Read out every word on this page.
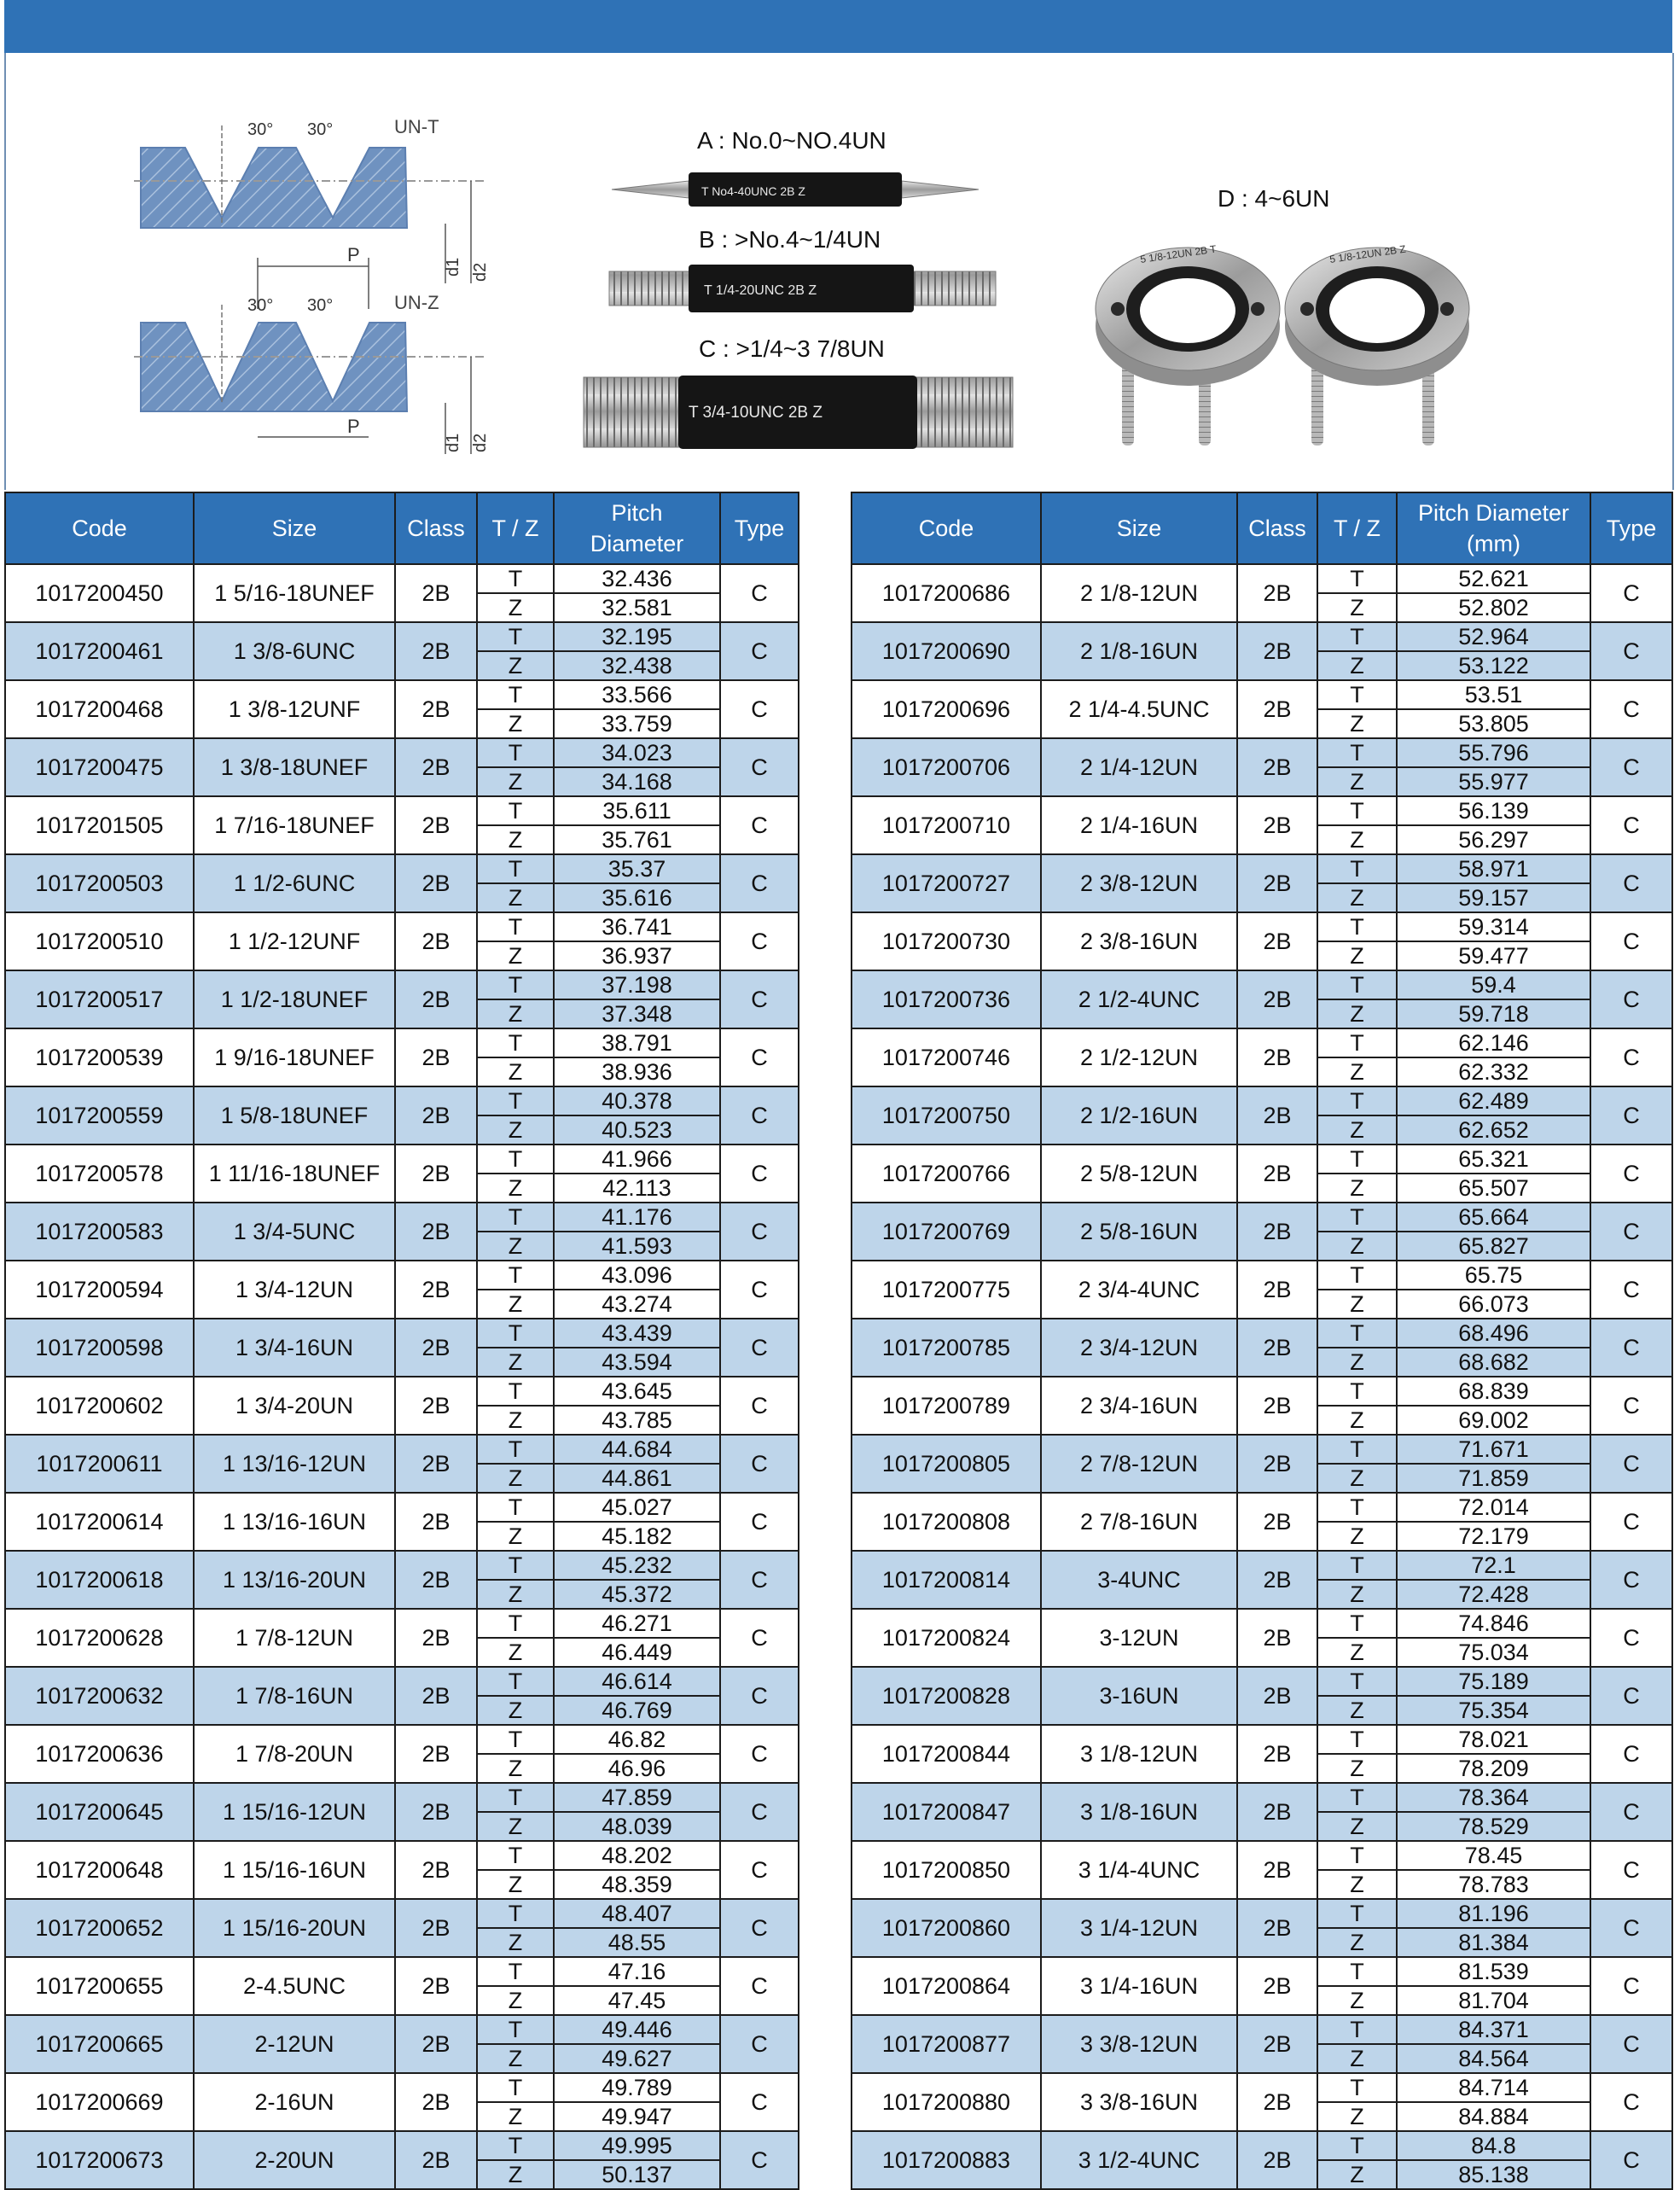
30° 30°	UN-T
P
d1 d2
30° 30°	UN-Z
P
d1 d2
A : No.0~NO.4UN
T No4-40UNC 2B Z
B : >No.4~1/4UN
T 1/4-20UNC 2B Z
C : >1/4~3 7/8UN
T 3/4-10UNC 2B Z
D : 4~6UN
5 1/8-12UN 2B T	5 1/8-12UN 2B Z
Code	Size	Class	T / Z	Pitch
Diameter	Type
1017200450	1 5/16-18UNEF	2B	T	32.436	C
			Z	32.581	
1017200461	1 3/8-6UNC	2B	T	32.195	C
			Z	32.438	
1017200468	1 3/8-12UNF	2B	T	33.566	C
			Z	33.759	
1017200475	1 3/8-18UNEF	2B	T	34.023	C
			Z	34.168	
1017201505	1 7/16-18UNEF	2B	T	35.611	C
			Z	35.761	
1017200503	1 1/2-6UNC	2B	T	35.37	C
			Z	35.616	
1017200510	1 1/2-12UNF	2B	T	36.741	C
			Z	36.937	
1017200517	1 1/2-18UNEF	2B	T	37.198	C
			Z	37.348	
1017200539	1 9/16-18UNEF	2B	T	38.791	C
			Z	38.936	
1017200559	1 5/8-18UNEF	2B	T	40.378	C
			Z	40.523	
1017200578	1 11/16-18UNEF	2B	T	41.966	C
			Z	42.113	
1017200583	1 3/4-5UNC	2B	T	41.176	C
			Z	41.593	
1017200594	1 3/4-12UN	2B	T	43.096	C
			Z	43.274	
1017200598	1 3/4-16UN	2B	T	43.439	C
			Z	43.594	
1017200602	1 3/4-20UN	2B	T	43.645	C
			Z	43.785	
1017200611	1 13/16-12UN	2B	T	44.684	C
			Z	44.861	
1017200614	1 13/16-16UN	2B	T	45.027	C
			Z	45.182	
1017200618	1 13/16-20UN	2B	T	45.232	C
			Z	45.372	
1017200628	1 7/8-12UN	2B	T	46.271	C
			Z	46.449	
1017200632	1 7/8-16UN	2B	T	46.614	C
			Z	46.769	
1017200636	1 7/8-20UN	2B	T	46.82	C
			Z	46.96	
1017200645	1 15/16-12UN	2B	T	47.859	C
			Z	48.039	
1017200648	1 15/16-16UN	2B	T	48.202	C
			Z	48.359	
1017200652	1 15/16-20UN	2B	T	48.407	C
			Z	48.55	
1017200655	2-4.5UNC	2B	T	47.16	C
			Z	47.45	
1017200665	2-12UN	2B	T	49.446	C
			Z	49.627	
1017200669	2-16UN	2B	T	49.789	C
			Z	49.947	
1017200673	2-20UN	2B	T	49.995	C
			Z	50.137	
Code	Size	Class	T / Z	Pitch Diameter
(mm)	Type
1017200686	2 1/8-12UN	2B	T	52.621	C
			Z	52.802	
1017200690	2 1/8-16UN	2B	T	52.964	C
			Z	53.122	
1017200696	2 1/4-4.5UNC	2B	T	53.51	C
			Z	53.805	
1017200706	2 1/4-12UN	2B	T	55.796	C
			Z	55.977	
1017200710	2 1/4-16UN	2B	T	56.139	C
			Z	56.297	
1017200727	2 3/8-12UN	2B	T	58.971	C
			Z	59.157	
1017200730	2 3/8-16UN	2B	T	59.314	C
			Z	59.477	
1017200736	2 1/2-4UNC	2B	T	59.4	C
			Z	59.718	
1017200746	2 1/2-12UN	2B	T	62.146	C
			Z	62.332	
1017200750	2 1/2-16UN	2B	T	62.489	C
			Z	62.652	
1017200766	2 5/8-12UN	2B	T	65.321	C
			Z	65.507	
1017200769	2 5/8-16UN	2B	T	65.664	C
			Z	65.827	
1017200775	2 3/4-4UNC	2B	T	65.75	C
			Z	66.073	
1017200785	2 3/4-12UN	2B	T	68.496	C
			Z	68.682	
1017200789	2 3/4-16UN	2B	T	68.839	C
			Z	69.002	
1017200805	2 7/8-12UN	2B	T	71.671	C
			Z	71.859	
1017200808	2 7/8-16UN	2B	T	72.014	C
			Z	72.179	
1017200814	3-4UNC	2B	T	72.1	C
			Z	72.428	
1017200824	3-12UN	2B	T	74.846	C
			Z	75.034	
1017200828	3-16UN	2B	T	75.189	C
			Z	75.354	
1017200844	3 1/8-12UN	2B	T	78.021	C
			Z	78.209	
1017200847	3 1/8-16UN	2B	T	78.364	C
			Z	78.529	
1017200850	3 1/4-4UNC	2B	T	78.45	C
			Z	78.783	
1017200860	3 1/4-12UN	2B	T	81.196	C
			Z	81.384	
1017200864	3 1/4-16UN	2B	T	81.539	C
			Z	81.704	
1017200877	3 3/8-12UN	2B	T	84.371	C
			Z	84.564	
1017200880	3 3/8-16UN	2B	T	84.714	C
			Z	84.884	
1017200883	3 1/2-4UNC	2B	T	84.8	C
			Z	85.138	
